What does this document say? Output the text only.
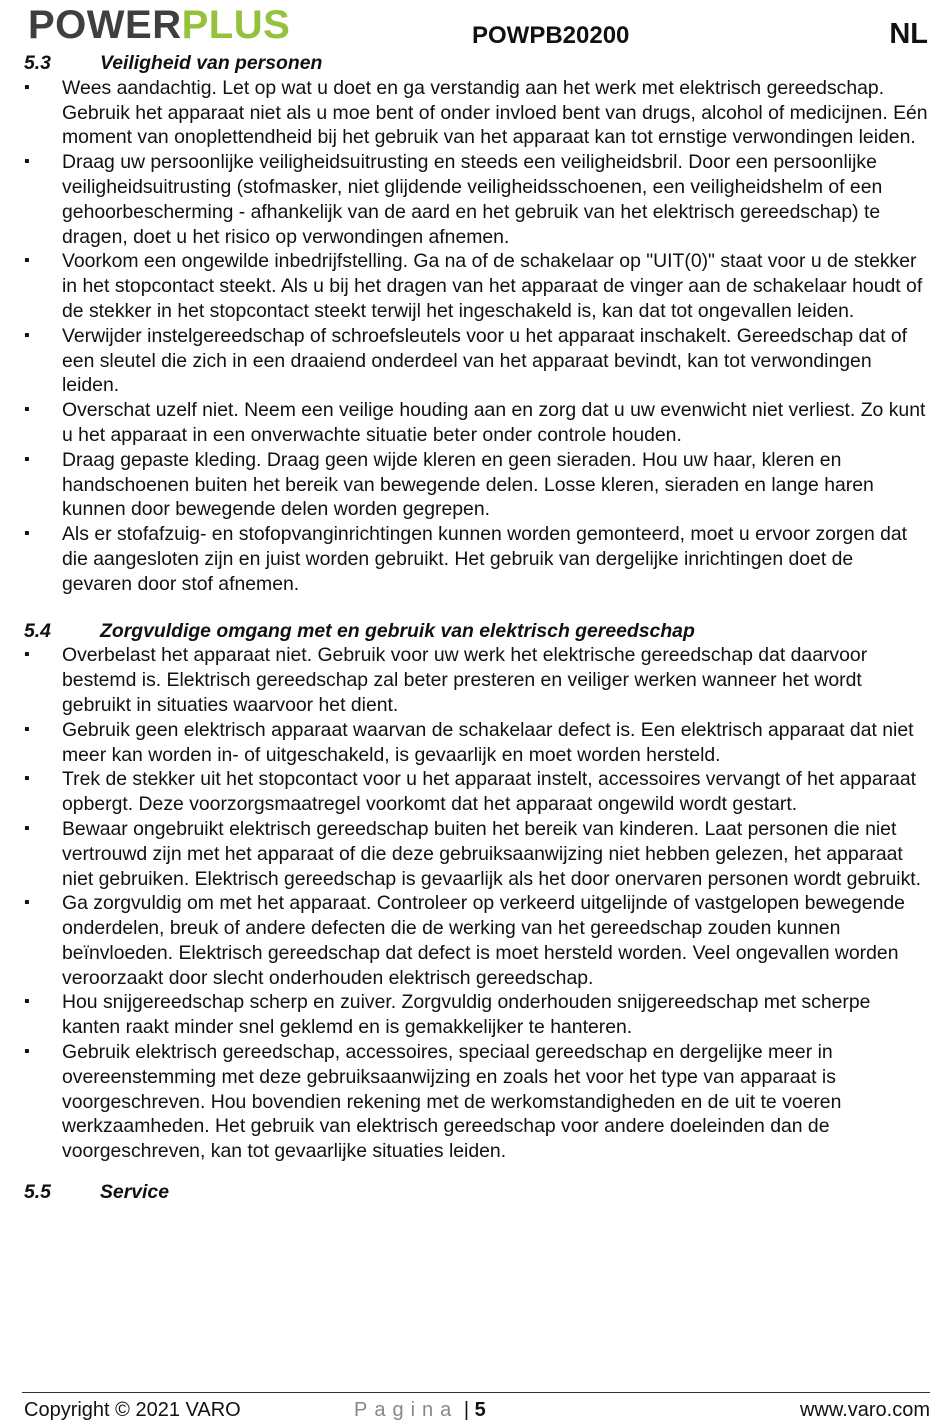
POWERPLUS	POWPB20200	NL
5.3	Veiligheid van personen
▪ Wees aandachtig. Let op wat u doet en ga verstandig aan het werk met elektrisch gereedschap. Gebruik het apparaat niet als u moe bent of onder invloed bent van drugs, alcohol of medicijnen. Eén moment van onoplettendheid bij het gebruik van het apparaat kan tot ernstige verwondingen leiden.
▪ Draag uw persoonlijke veiligheidsuitrusting en steeds een veiligheidsbril. Door een persoonlijke veiligheidsuitrusting (stofmasker, niet glijdende veiligheidsschoenen, een veiligheidshelm of een gehoorbescherming - afhankelijk van de aard en het gebruik van het elektrisch gereedschap) te dragen, doet u het risico op verwondingen afnemen.
▪ Voorkom een ongewilde inbedrijfstelling. Ga na of de schakelaar op "UIT(0)" staat voor u de stekker in het stopcontact steekt. Als u bij het dragen van het apparaat de vinger aan de schakelaar houdt of de stekker in het stopcontact steekt terwijl het ingeschakeld is, kan dat tot ongevallen leiden.
▪ Verwijder instelgereedschap of schroefsleutels voor u het apparaat inschakelt. Gereedschap dat of een sleutel die zich in een draaiend onderdeel van het apparaat bevindt, kan tot verwondingen leiden.
▪ Overschat uzelf niet. Neem een veilige houding aan en zorg dat u uw evenwicht niet verliest. Zo kunt u het apparaat in een onverwachte situatie beter onder controle houden.
▪ Draag gepaste kleding. Draag geen wijde kleren en geen sieraden. Hou uw haar, kleren en handschoenen buiten het bereik van bewegende delen. Losse kleren, sieraden en lange haren kunnen door bewegende delen worden gegrepen.
▪ Als er stofafzuig- en stofopvanginrichtingen kunnen worden gemonteerd, moet u ervoor zorgen dat die aangesloten zijn en juist worden gebruikt. Het gebruik van dergelijke inrichtingen doet de gevaren door stof afnemen.
5.4	Zorgvuldige omgang met en gebruik van elektrisch gereedschap
▪ Overbelast het apparaat niet. Gebruik voor uw werk het elektrische gereedschap dat daarvoor bestemd is. Elektrisch gereedschap zal beter presteren en veiliger werken wanneer het wordt gebruikt in situaties waarvoor het dient.
▪ Gebruik geen elektrisch apparaat waarvan de schakelaar defect is. Een elektrisch apparaat dat niet meer kan worden in- of uitgeschakeld, is gevaarlijk en moet worden hersteld.
▪ Trek de stekker uit het stopcontact voor u het apparaat instelt, accessoires vervangt of het apparaat opbergt. Deze voorzorgsmaatregel voorkomt dat het apparaat ongewild wordt gestart.
▪ Bewaar ongebruikt elektrisch gereedschap buiten het bereik van kinderen. Laat personen die niet vertrouwd zijn met het apparaat of die deze gebruiksaanwijzing niet hebben gelezen, het apparaat niet gebruiken. Elektrisch gereedschap is gevaarlijk als het door onervaren personen wordt gebruikt.
▪ Ga zorgvuldig om met het apparaat. Controleer op verkeerd uitgelijnde of vastgelopen bewegende onderdelen, breuk of andere defecten die de werking van het gereedschap zouden kunnen beïnvloeden. Elektrisch gereedschap dat defect is moet hersteld worden. Veel ongevallen worden veroorzaakt door slecht onderhouden elektrisch gereedschap.
▪ Hou snijgereedschap scherp en zuiver. Zorgvuldig onderhouden snijgereedschap met scherpe kanten raakt minder snel geklemd en is gemakkelijker te hanteren.
▪ Gebruik elektrisch gereedschap, accessoires, speciaal gereedschap en dergelijke meer in overeenstemming met deze gebruiksaanwijzing en zoals het voor het type van apparaat is voorgeschreven. Hou bovendien rekening met de werkomstandigheden en de uit te voeren werkzaamheden. Het gebruik van elektrisch gereedschap voor andere doeleinden dan de voorgeschreven, kan tot gevaarlijke situaties leiden.
5.5	Service
Copyright © 2021 VARO	Pagina | 5	www.varo.com
